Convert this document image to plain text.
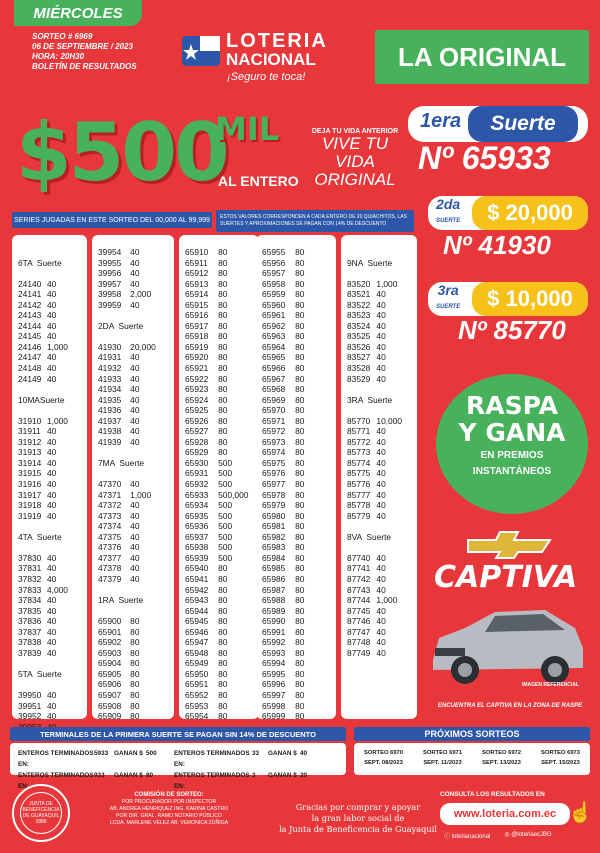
MIÉRCOLES
SORTEO # 6969
06 DE SEPTIEMBRE / 2023
HORA: 20H30
BOLETÍN DE RESULTADOS
LOTERIA
NACIONAL
¡Seguro te toca!
LA ORIGINAL
$500
MIL
AL ENTERO
DEJA TU VIDA ANTERIOR
VIVE TU
VIDA
ORIGINAL
1era	Suerte
Nº 65933
2da
SUERTE	$ 20,000
Nº 41930
3ra
SUERTE	$ 10,000
Nº 85770
RASPA
Y GANA
EN PREMIOS
INSTANTÁNEOS
CAPTIVA
IMAGEN REFERENCIAL
ENCUENTRA EL CAPTIVA EN LA ZONA DE RASPE
SERIES JUGADAS EN ESTE SORTEO DEL 00,000 AL 99,999	ESTOS VALORES CORRESPONDEN A CADA ENTERO DE 20 QUIACHITOS, LAS SUERTES Y APROXIMACIONES SE PAGAN CON 14% DE DESCUENTO
6TA  Suerte
24140 40
24141 40
24142 40
24143 40
24144 40
24145 40
24146 1,000
24147 40
24148 40
24149 40
10MASuerte
31910 1,000
31911 40
31912 40
31913 40
31914 40
31915 40
31916 40
31917 40
31918 40
31919 40
4TA  Suerte
37830 40
37831 40
37832 40
37833 4,000
37834 40
37835 40
37836 40
37837 40
37838 40
37839 40
5TA  Suerte
39950 40
39951 40
39952 40
39954	40
39955	40
39956	40
39957	40
39958	2,000
39959	40
2DA  Suerte
41930	20,000
41931	40
41932	40
41933	40
41934	40
41935	40
41936	40
41937	40
41938	40
41939	40
7MA  Suerte
47370	40
47371	1,000
47372	40
47373	40
47374	40
47375	40
47376	40
47377	40
47378	40
47379	40
1RA  Suerte
65900	80
65901	80
65902	80
65903	80
65904	80
65905	80
65906	80
65907	80
65908	80
65909	80
65910	80
65911	80
65912	80
65913	80
65914	80
65915	80
65916	80
65917	80
65918	80
65919	80
65920	80
65921	80
65922	80
65923	80
65924	80
65925	80
65926	80
65927	80
65928	80
65929	80
65930	500
65931	500
65932	500
65933	500,000
65934	500
65935	500
65936	500
65937	500
65938	500
65939	500
65940	80
65941	80
65942	80
65943	80
65944	80
65945	80
65946	80
65947	80
65948	80
65949	80
65950	80
65951	80
65952	80
65953	80
65954	80
65955	80
65956	80
65957	80
65958	80
65959	80
65960	80
65961	80
65962	80
65963	80
65964	80
65965	80
65966	80
65967	80
65968	80
65969	80
65970	80
65971	80
65972	80
65973	80
65974	80
65975	80
65976	80
65977	80
65978	80
65979	80
65980	80
65981	80
65982	80
65983	80
65984	80
65985	80
65986	80
65987	80
65988	80
65989	80
65990	80
65991	80
65992	80
65993	80
65994	80
65995	80
65996	80
65997	80
65998	80
65999	80
9NA  Suerte
83520 1,000
83521 40
83522 40
83523 40
83524 40
83525 40
83526 40
83527 40
83528 40
83529 40
3RA  Suerte
85770 10,000
85771 40
85772 40
85773 40
85774 40
85775 40
85776 40
85777 40
85778 40
85779 40
8VA  Suerte
87740 40
87741 40
87742 40
87743 40
87744 1,000
87745 40
87746 40
87747 40
87748 40
87749 40
TERMINALES DE LA PRIMERA SUERTE SE PAGAN SIN 14% DE DESCUENTO
ENTEROS TERMINADOS EN:
5933 GANAN $ 500	ENTEROS TERMINADOS EN:
33	GANAN $ 40
ENTEROS TERMINADOS EN:
933	GANAN $ 80	ENTEROS TERMINADOS EN:
3	GANAN $ 20
PRÓXIMOS SORTEOS
SORTEO 6970
SEPT. 08/2023
SORTEO 6971
SEPT. 11/2023
SORTEO 6972
SEPT. 13/2023
SORTEO 6973
SEPT. 15/2023
JUNTA DE BENEFICENCIA DE GUAYAQUIL 1888
COMISIÓN DE SORTEO:
POR PROCURADOR POR INSPECTOR
AB. ANDREA HENRIQUEZ ING. KARINA CASTRO
POR DIR. GRAL. RAMO NOTARIO PÚBLICO
LCDA. MARLENE VELEZ AB. VERONICA ZÚÑIGA
Gracias por comprar y apoyar
la gran labor social de
la Junta de Beneficencia de Guayaquil
CONSULTA LOS RESULTADOS EN
www.loteria.com.ec ☝
ⓕ loterianacional ◎ @loteriaecJBG
